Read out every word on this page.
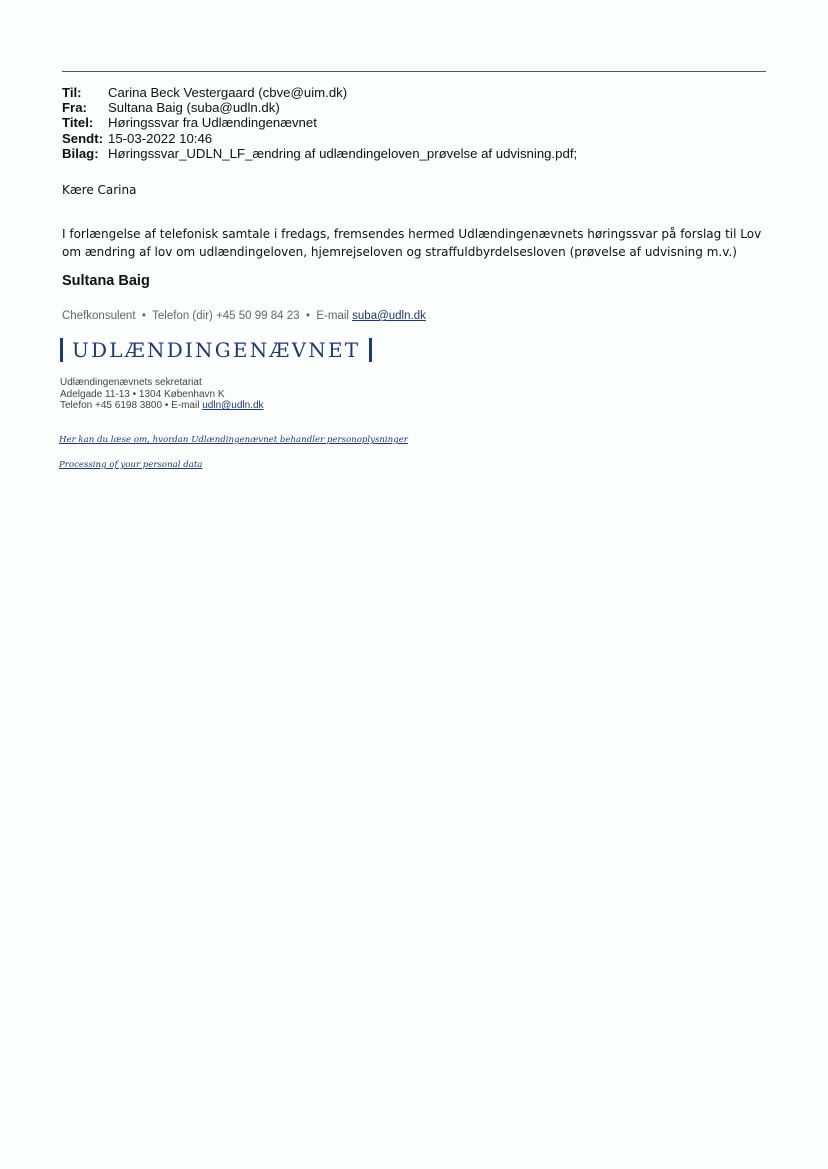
Til:	Carina Beck Vestergaard (cbve@uim.dk)
Fra:	Sultana Baig (suba@udln.dk)
Titel:	Høringssvar fra Udlændingenævnet
Sendt: 15-03-2022 10:46
Bilag: Høringssvar_UDLN_LF_ændring af udlændingeloven_prøvelse af udvisning.pdf;
Kære Carina
I forlængelse af telefonisk samtale i fredags, fremsendes hermed Udlændingenævnets høringssvar på forslag til Lov om ændring af lov om udlændingeloven, hjemrejseloven og straffuldbyrdelsesloven (prøvelse af udvisning m.v.)
Sultana Baig
Chefkonsulent  •  Telefon (dir) +45 50 99 84 23  •  E-mail suba@udln.dk
UDLÆNDINGENÆVNET
Udlændingenævnets sekretariat
Adelgade 11-13 • 1304 København K
Telefon +45 6198 3800 • E-mail udln@udln.dk
Her kan du læse om, hvordan Udlændingenævnet behandler personoplysninger
Processing of your personal data
